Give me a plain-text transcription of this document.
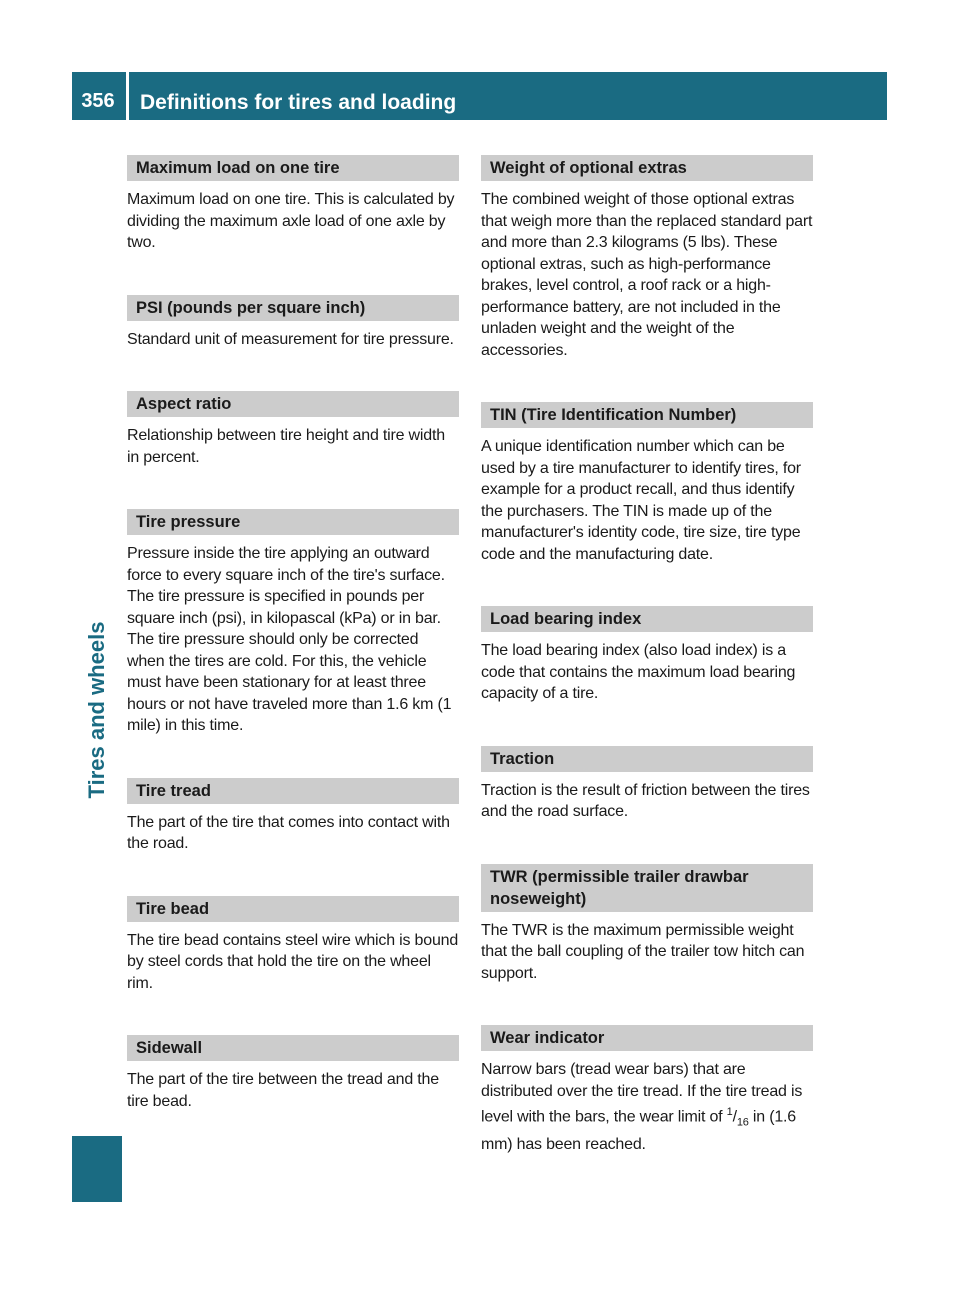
356	Definitions for tires and loading
Tires and wheels
Maximum load on one tire

Maximum load on one tire. This is calculated by dividing the maximum axle load of one axle by two.

PSI (pounds per square inch)

Standard unit of measurement for tire pressure.

Aspect ratio

Relationship between tire height and tire width in percent.

Tire pressure

Pressure inside the tire applying an outward force to every square inch of the tire's surface. The tire pressure is specified in pounds per square inch (psi), in kilopascal (kPa) or in bar. The tire pressure should only be corrected when the tires are cold. For this, the vehicle must have been stationary for at least three hours or not have traveled more than 1.6 km (1 mile) in this time.

Tire tread

The part of the tire that comes into contact with the road.

Tire bead

The tire bead contains steel wire which is bound by steel cords that hold the tire on the wheel rim.

Sidewall

The part of the tire between the tread and the tire bead.

Weight of optional extras

The combined weight of those optional extras that weigh more than the replaced standard part and more than 2.3 kilograms (5 lbs). These optional extras, such as high-performance brakes, level control, a roof rack or a high-performance battery, are not included in the unladen weight and the weight of the accessories.

TIN (Tire Identification Number)

A unique identification number which can be used by a tire manufacturer to identify tires, for example for a product recall, and thus identify the purchasers. The TIN is made up of the manufacturer's identity code, tire size, tire type code and the manufacturing date.

Load bearing index

The load bearing index (also load index) is a code that contains the maximum load bearing capacity of a tire.

Traction

Traction is the result of friction between the tires and the road surface.

TWR (permissible trailer drawbar noseweight)

The TWR is the maximum permissible weight that the ball coupling of the trailer tow hitch can support.

Wear indicator

Narrow bars (tread wear bars) that are distributed over the tire tread. If the tire tread is level with the bars, the wear limit of $^1/_{16}$ in (1.6 mm) has been reached.
